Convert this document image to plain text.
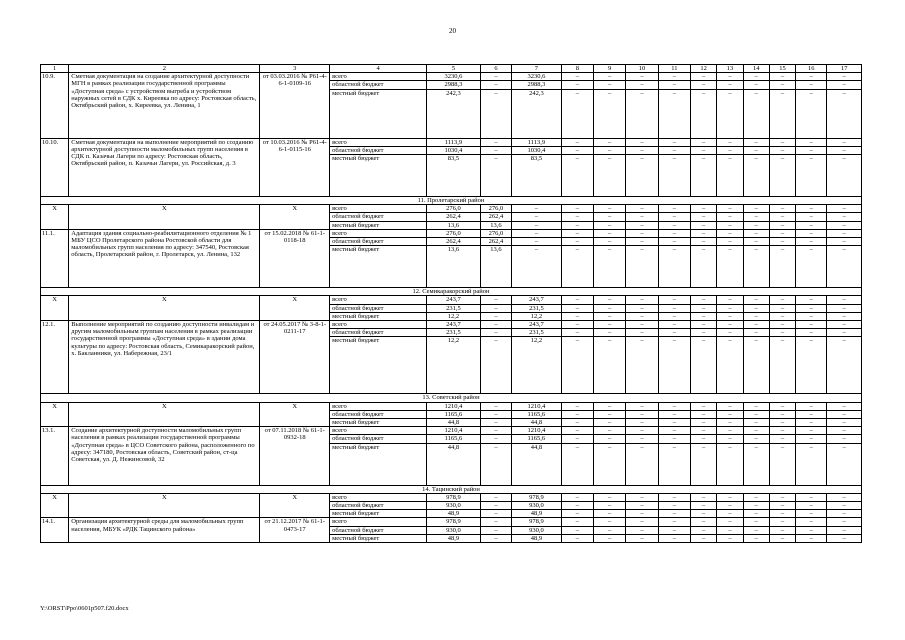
20
1	2	3	4	5	6	7	8	9	10	11	12	13	14	15	16	17
10.9.	Сметная документация на создание архитектурной доступности МГН в рамках реализации государственной программы «Доступная среда» с устройством выгреба и устройством наружных сетей в СДК х. Киреевка по адресу: Ростовская область, Октябрьский район, х. Киреевка, ул. Ленина, 1	от 03.03.2016 № Р61-4-6-1-0109-16	всего	3230,6	–	3230,6	–	–	–	–	–	–	–	–	–	–
			областной бюджет	2988,3	–	2988,3	–	–	–	–	–	–	–	–	–	–
			местный бюджет	242,3	–	242,3	–	–	–	–	–	–	–	–	–	–
10.10.	Сметная документация на выполнение мероприятий по созданию архитектурной доступности маломобильных групп населения в СДК п. Казачьи Лагери по адресу: Ростовская область, Октябрьский район, п. Казачьи Лагери, ул. Российская, д. 3	от 10.03.2016 № Р61-4-6-1-0115-16	всего	1113,9	–	1113,9	–	–	–	–	–	–	–	–	–	–
			областной бюджет	1030,4	–	1030,4	–	–	–	–	–	–	–	–	–	–
			местный бюджет	83,5	–	83,5	–	–	–	–	–	–	–	–	–	–
11. Пролетарский район																
Х	Х	Х	всего	276,0	276,0	–	–	–	–	–	–	–	–	–	–	–
			областной бюджет	262,4	262,4	–	–	–	–	–	–	–	–	–	–	–
			местный бюджет	13,6	13,6	–	–	–	–	–	–	–	–	–	–	–
11.1.	Адаптация здания социально-реабилитационного отделения № 1 МБУ ЦСО Пролетарского района Ростовской области для маломобильных групп населения по адресу: 347540, Ростовская область, Пролетарский район, г. Пролетарск, ул. Ленина, 132	от 15.02.2018 № 61-1-0118-18	всего	276,0	276,0	–	–	–	–	–	–	–	–	–	–	–
			областной бюджет	262,4	262,4	–	–	–	–	–	–	–	–	–	–	–
			местный бюджет	13,6	13,6	–	–	–	–	–	–	–	–	–	–	–
12. Семикаракорский район																
Х	Х	Х	всего	243,7	–	243,7	–	–	–	–	–	–	–	–	–	–
			областной бюджет	231,5	–	231,5	–	–	–	–	–	–	–	–	–	–
			местный бюджет	12,2	–	12,2	–	–	–	–	–	–	–	–	–	–
12.1.	Выполнение мероприятий по созданию доступности инвалидам и другим маломобильным группам населения в рамках реализации государственной программы «Доступная среда» в здании дома культуры по адресу: Ростовская область, Семикаракорский район, х. Бакланники, ул. Набережная, 23/1	от 24.05.2017 № 3-8-1-0211-17	всего	243,7	–	243,7	–	–	–	–	–	–	–	–	–	–
			областной бюджет	231,5	–	231,5	–	–	–	–	–	–	–	–	–	–
			местный бюджет	12,2	–	12,2	–	–	–	–	–	–	–	–	–	–
13. Советский район																
Х	Х	Х	всего	1210,4	–	1210,4	–	–	–	–	–	–	–	–	–	–
			областной бюджет	1165,6	–	1165,6	–	–	–	–	–	–	–	–	–	–
			местный бюджет	44,8	–	44,8	–	–	–	–	–	–	–	–	–	–
13.1.	Создание архитектурной доступности маломобильных групп населения в рамках реализации государственной программы «Доступная среда» в ЦСО Советского района, расположенного по адресу: 347180, Ростовская область, Советский район, ст-ца Советская, ул. Д. Нежинсовой, 32	от 07.11.2018 № 61-1-0932-18	всего	1210,4	–	1210,4	–	–	–	–	–	–	–	–	–	–
			областной бюджет	1165,6	–	1165,6	–	–	–	–	–	–	–	–	–	–
			местный бюджет	44,8	–	44,8	–	–	–	–	–	–	–	–	–	–
14. Тацинский район																
Х	Х	Х	всего	978,9	–	978,9	–	–	–	–	–	–	–	–	–	–
			областной бюджет	930,0	–	930,0	–	–	–	–	–	–	–	–	–	–
			местный бюджет	48,9	–	48,9	–	–	–	–	–	–	–	–	–	–
14.1.	Организация архитектурной среды для маломобильных групп населения, МБУК «РДК Тацинского района»	от 21.12.2017 № 61-1-0473-17	всего	978,9	–	978,9	–	–	–	–	–	–	–	–	–	–
			областной бюджет	930,0	–	930,0	–	–	–	–	–	–	–	–	–	–
			местный бюджет	48,9	–	48,9	–	–	–	–	–	–	–	–	–	–
Y:\ORST\Ppo\0601p507.f20.docx
